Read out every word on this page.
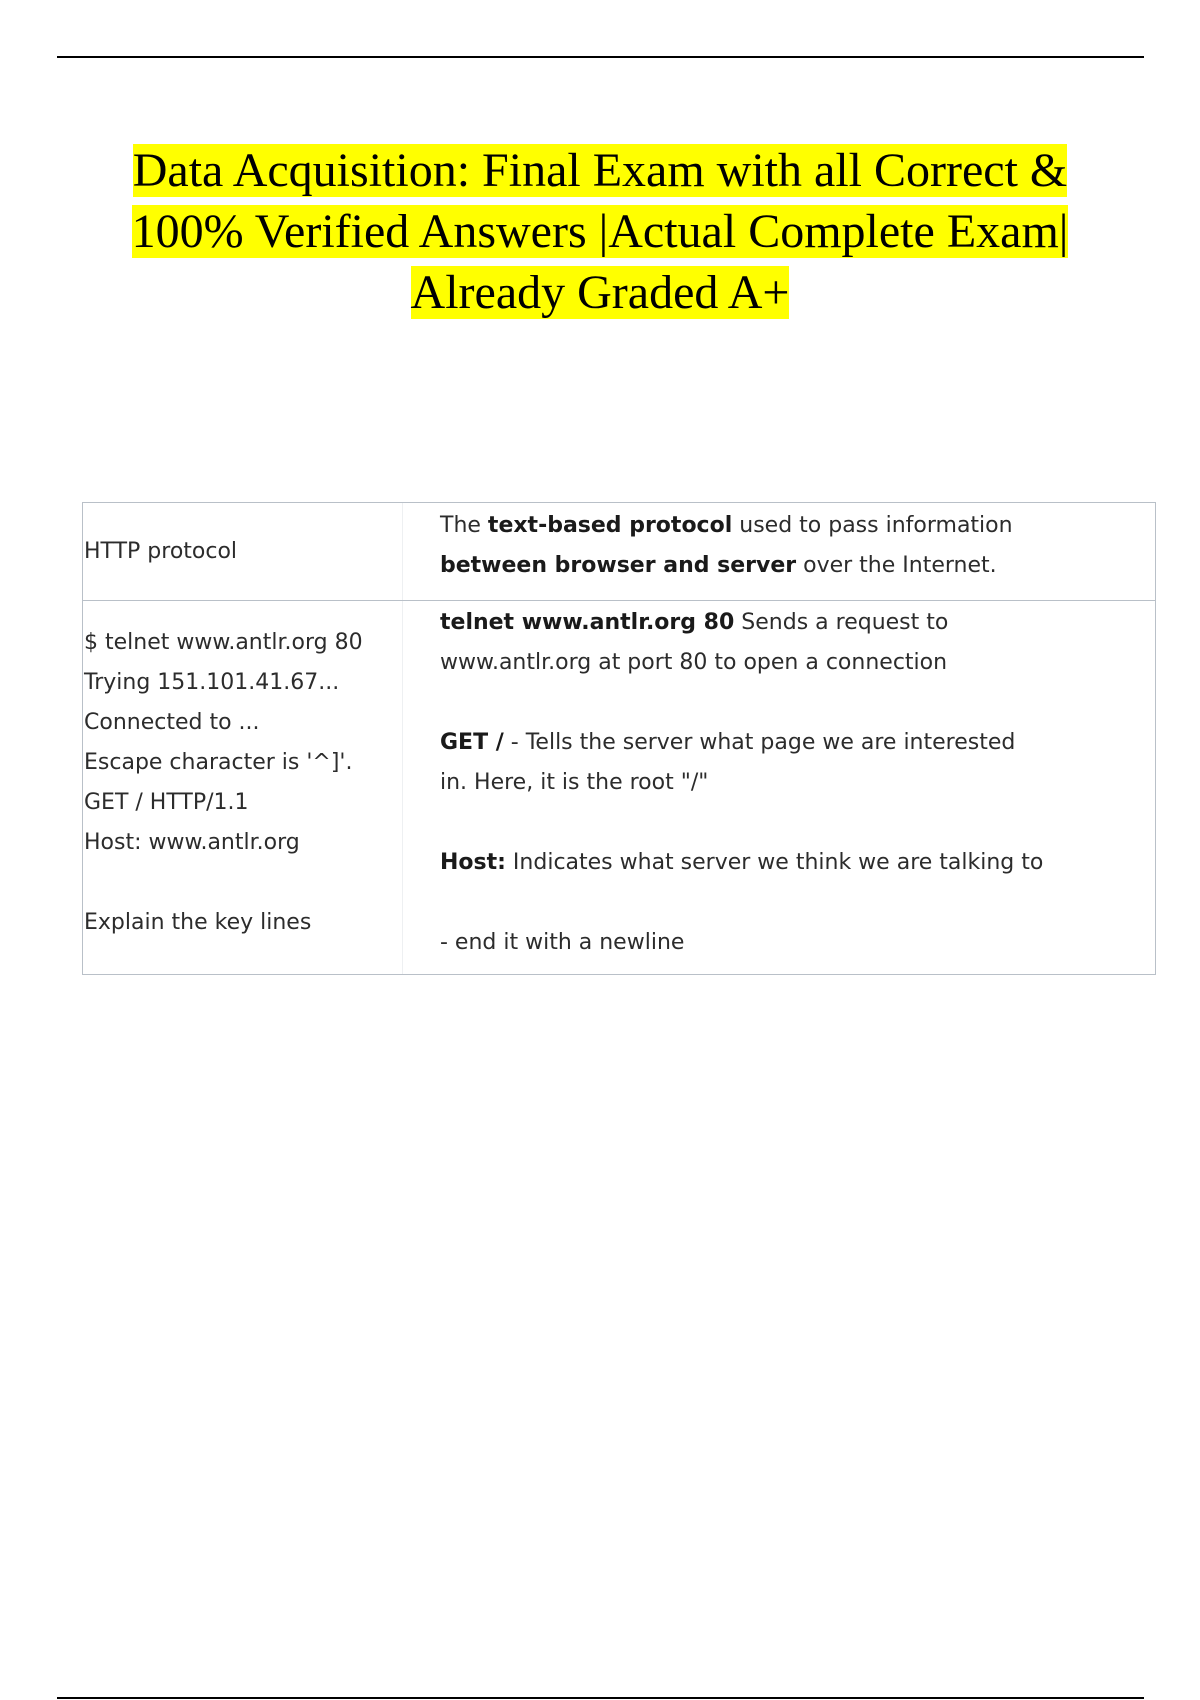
Data Acquisition: Final Exam with all Correct &
100% Verified Answers |Actual Complete Exam|
Already Graded A+
HTTP protocol
The text-based protocol used to pass information
between browser and server over the Internet.
$ telnet www.antlr.org 80
Trying 151.101.41.67...
Connected to ...
Escape character is '^]'.
GET / HTTP/1.1
Host: www.antlr.org
Explain the key lines
telnet www.antlr.org 80 Sends a request to
www.antlr.org at port 80 to open a connection
GET / - Tells the server what page we are interested
in. Here, it is the root "/"
Host: Indicates what server we think we are talking to
- end it with a newline
